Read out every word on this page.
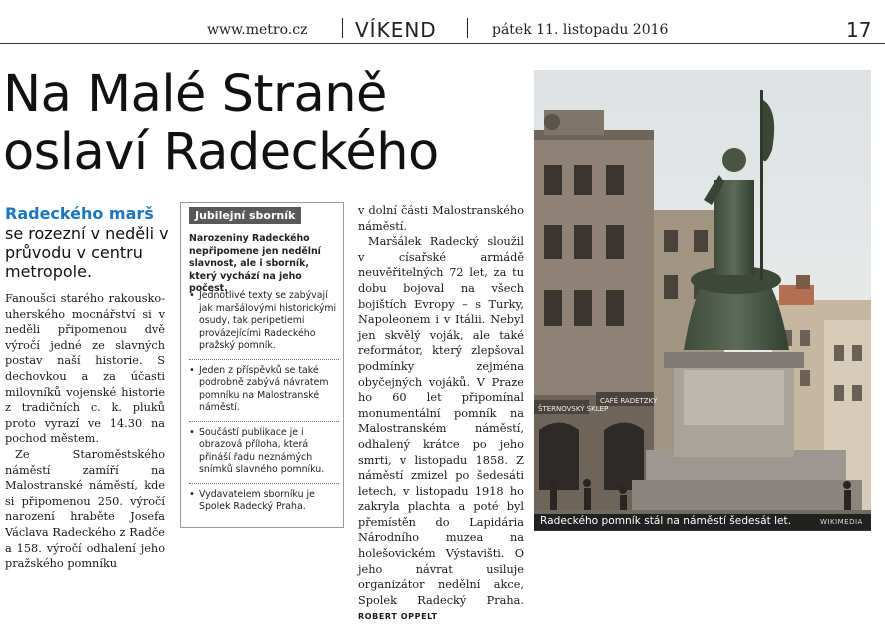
www.metro.cz VÍKEND	pátek 11. listopadu 2016	17
Na Malé Straně
oslaví Radeckého
Radeckého marš
se rozezní v neděli v průvodu v centru metropole.

Fanoušci starého rakousko-uherského mocnářství si v neděli připomenou dvě výročí jedné ze slavných postav naší historie. S dechovkou a za účasti milovníků vojenské historie z tradičních c. k. pluků proto vyrazí ve 14.30 na pochod městem.

Ze Staroměstského náměstí zamíří na Malostranské náměstí, kde si připomenou 250. výročí narození hraběte Josefa Václava Radeckého z Radče a 158. výročí odhalení jeho pražského pomníku

Jubilejní sborník
Narozeniny Radeckého nepřipomene jen nedělní slavnost, ale i sborník, který vychází na jeho počest.
• Jednotlivé texty se zabývají jak maršálovými historickými osudy, tak peripetiemi provázejícími Radeckého pražský pomník.
• Jeden z příspěvků se také podrobně zabývá návratem pomníku na Malostranské náměstí.
• Součástí publikace je i obrazová příloha, která přináší řadu neznámých snímků slavného pomníku.
• Vydavatelem sborníku je Spolek Radecký Praha.

v dolní části Malostranského náměstí.

Maršálek Radecký sloužil v císařské armádě neuvěřitelných 72 let, za tu dobu bojoval na všech bojištích Evropy – s Turky, Napoleonem i v Itálii. Nebyl jen skvělý voják, ale také reformátor, který zlepšoval podmínky zejména obyčejných vojáků. V Praze ho 60 let připomínal monumentální pomník na Malostranském náměstí, odhalený krátce po jeho smrti, v listopadu 1858. Z náměstí zmizel po šedesáti letech, v listopadu 1918 ho zakryla plachta a poté byl přemístěn do Lapidária Národního muzea na holešovickém Výstavišti. O jeho návrat usiluje organizátor nedělní akce, Spolek Radecký Praha. ROBERT OPPELT

ŠTERNOVSKÝ SKLEP
CAFÉ RADETZKY
Radeckého pomník stál na náměstí šedesát let.	WIKIMEDIA
